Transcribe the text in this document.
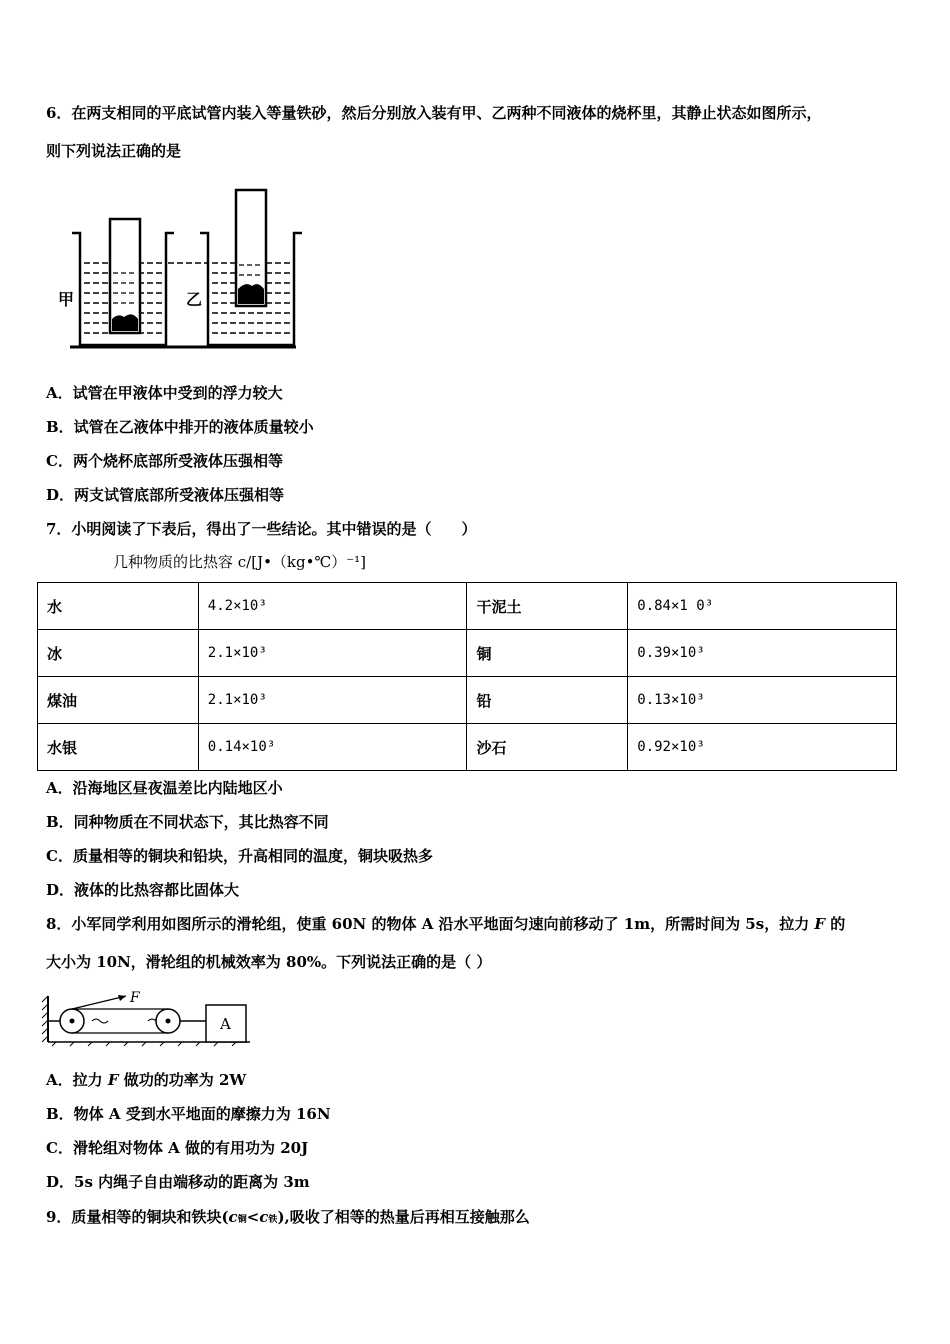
6．在两支相同的平底试管内装入等量铁砂，然后分别放入装有甲、乙两种不同液体的烧杯里，其静止状态如图所示，
则下列说法正确的是
甲	乙
A．试管在甲液体中受到的浮力较大
B．试管在乙液体中排开的液体质量较小
C．两个烧杯底部所受液体压强相等
D．两支试管底部所受液体压强相等
7．小明阅读了下表后，得出了一些结论。其中错误的是（　　）
几种物质的比热容 c/[J•（kg•℃）⁻¹]
水	4.2×10³	干泥土	0.84×1 0³
冰	2.1×10³	铜	0.39×10³
煤油	2.1×10³	铅	0.13×10³
水银	0.14×10³	沙石	0.92×10³
A．沿海地区昼夜温差比内陆地区小
B．同种物质在不同状态下，其比热容不同
C．质量相等的铜块和铅块，升高相同的温度，铜块吸热多
D．液体的比热容都比固体大
8．小军同学利用如图所示的滑轮组，使重 60N 的物体 A 沿水平地面匀速向前移动了 1m，所需时间为 5s，拉力 F 的
大小为 10N，滑轮组的机械效率为 80%。下列说法正确的是（ ）
F
A
A．拉力 F 做功的功率为 2W
B．物体 A 受到水平地面的摩擦力为 16N
C．滑轮组对物体 A 做的有用功为 20J
D．5s 内绳子自由端移动的距离为 3m
9．质量相等的铜块和铁块(c铜<c铁),吸收了相等的热量后再相互接触那么
